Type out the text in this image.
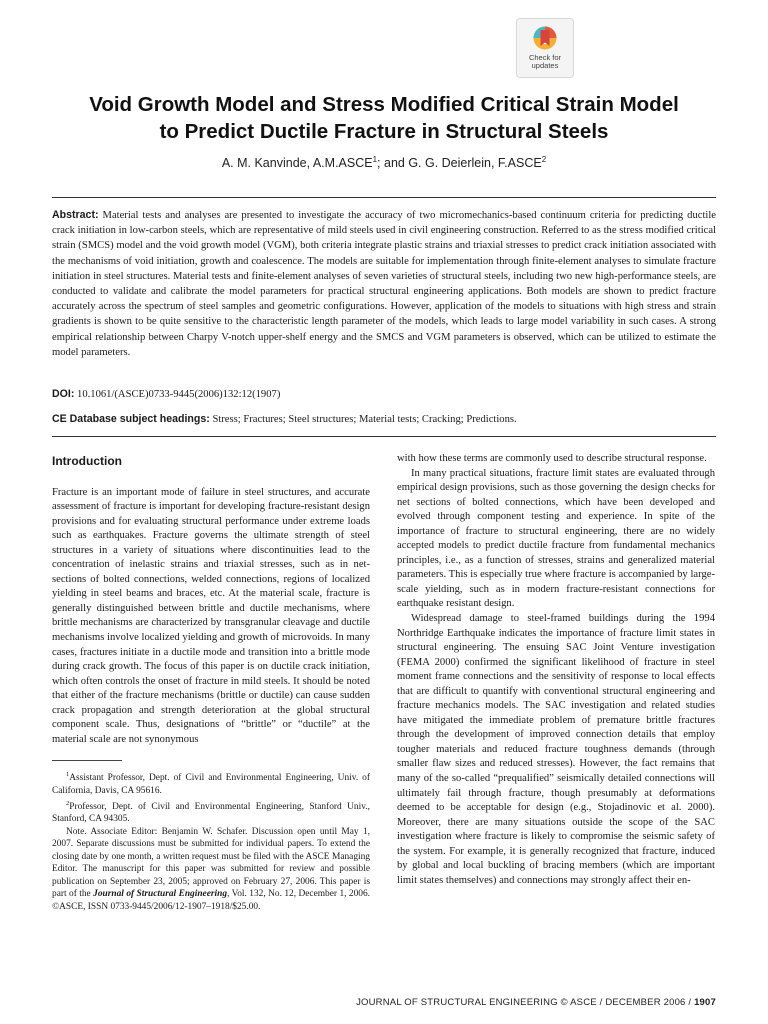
Check for
updates
Void Growth Model and Stress Modified Critical Strain Model
to Predict Ductile Fracture in Structural Steels
A. M. Kanvinde, A.M.ASCE$^1$; and G. G. Deierlein, F.ASCE$^2$
Abstract: Material tests and analyses are presented to investigate the accuracy of two micromechanics-based continuum criteria for predicting ductile crack initiation in low-carbon steels, which are representative of mild steels used in civil engineering construction. Referred to as the stress modified critical strain (SMCS) model and the void growth model (VGM), both criteria integrate plastic strains and triaxial stresses to predict crack initiation associated with the mechanisms of void initiation, growth and coalescence. The models are suitable for implementation through finite-element analyses to simulate fracture initiation in steel structures. Material tests and finite-element analyses of seven varieties of structural steels, including two new high-performance steels, are conducted to validate and calibrate the model parameters for practical structural engineering applications. Both models are shown to predict fracture accurately across the spectrum of steel samples and geometric configurations. However, application of the models to situations with high stress and strain gradients is shown to be quite sensitive to the characteristic length parameter of the models, which leads to large model variability in such cases. A strong empirical relationship between Charpy V-notch upper-shelf energy and the SMCS and VGM parameters is observed, which can be utilized to estimate the model parameters.
DOI: 10.1061/(ASCE)0733-9445(2006)132:12(1907)
CE Database subject headings: Stress; Fractures; Steel structures; Material tests; Cracking; Predictions.
Introduction

Fracture is an important mode of failure in steel structures, and accurate assessment of fracture is important for developing fracture-resistant design provisions and for evaluating structural performance under extreme loads such as earthquakes. Fracture governs the ultimate strength of steel structures in a variety of situations where discontinuities lead to the concentration of inelastic strains and triaxial stresses, such as in net-sections of bolted connections, welded connections, regions of localized yielding in steel beams and braces, etc. At the material scale, fracture is generally distinguished between brittle and ductile mechanisms, where brittle mechanisms are characterized by transgranular cleavage and ductile mechanisms involve localized yielding and growth of microvoids. In many cases, fractures initiate in a ductile mode and transition into a brittle mode during crack growth. The focus of this paper is on ductile crack initiation, which often controls the onset of fracture in mild steels. It should be noted that either of the fracture mechanisms (brittle or ductile) can cause sudden crack propagation and strength deterioration at the global structural component scale. Thus, designations of “brittle” or “ductile” at the material scale are not synonymous

$^1$Assistant Professor, Dept. of Civil and Environmental Engineering, Univ. of California, Davis, CA 95616.
$^2$Professor, Dept. of Civil and Environmental Engineering, Stanford Univ., Stanford, CA 94305.
Note. Associate Editor: Benjamin W. Schafer. Discussion open until May 1, 2007. Separate discussions must be submitted for individual papers. To extend the closing date by one month, a written request must be filed with the ASCE Managing Editor. The manuscript for this paper was submitted for review and possible publication on September 23, 2005; approved on February 27, 2006. This paper is part of the Journal of Structural Engineering, Vol. 132, No. 12, December 1, 2006. ©ASCE, ISSN 0733-9445/2006/12-1907–1918/$25.00.

with how these terms are commonly used to describe structural response.

In many practical situations, fracture limit states are evaluated through empirical design provisions, such as those governing the design checks for net sections of bolted connections, which have been developed and evolved through component testing and experience. In spite of the importance of fracture to structural engineering, there are no widely accepted models to predict ductile fracture from fundamental mechanics principles, i.e., as a function of stresses, strains and generalized material parameters. This is especially true where fracture is accompanied by large-scale yielding, such as in modern fracture-resistant connections for earthquake resistant design.

Widespread damage to steel-framed buildings during the 1994 Northridge Earthquake indicates the importance of fracture limit states in structural engineering. The ensuing SAC Joint Venture investigation (FEMA 2000) confirmed the significant likelihood of fracture in steel moment frame connections and the sensitivity of response to local effects that are difficult to quantify with conventional structural engineering and fracture mechanics models. The SAC investigation and related studies have mitigated the immediate problem of premature brittle fractures through the development of improved connection details that employ tougher materials and reduced fracture toughness demands (through smaller flaw sizes and reduced stresses). However, the fact remains that many of the so-called “prequalified” seismically detailed connections will ultimately fail through fracture, though presumably at deformations deemed to be acceptable for design (e.g., Stojadinovic et al. 2000). Moreover, there are many situations outside the scope of the SAC investigation where fracture is likely to compromise the seismic safety of the system. For example, it is generally recognized that fracture, induced by global and local buckling of bracing members (which are important limit states themselves) and connections may strongly affect their en-

JOURNAL OF STRUCTURAL ENGINEERING © ASCE / DECEMBER 2006 / 1907
